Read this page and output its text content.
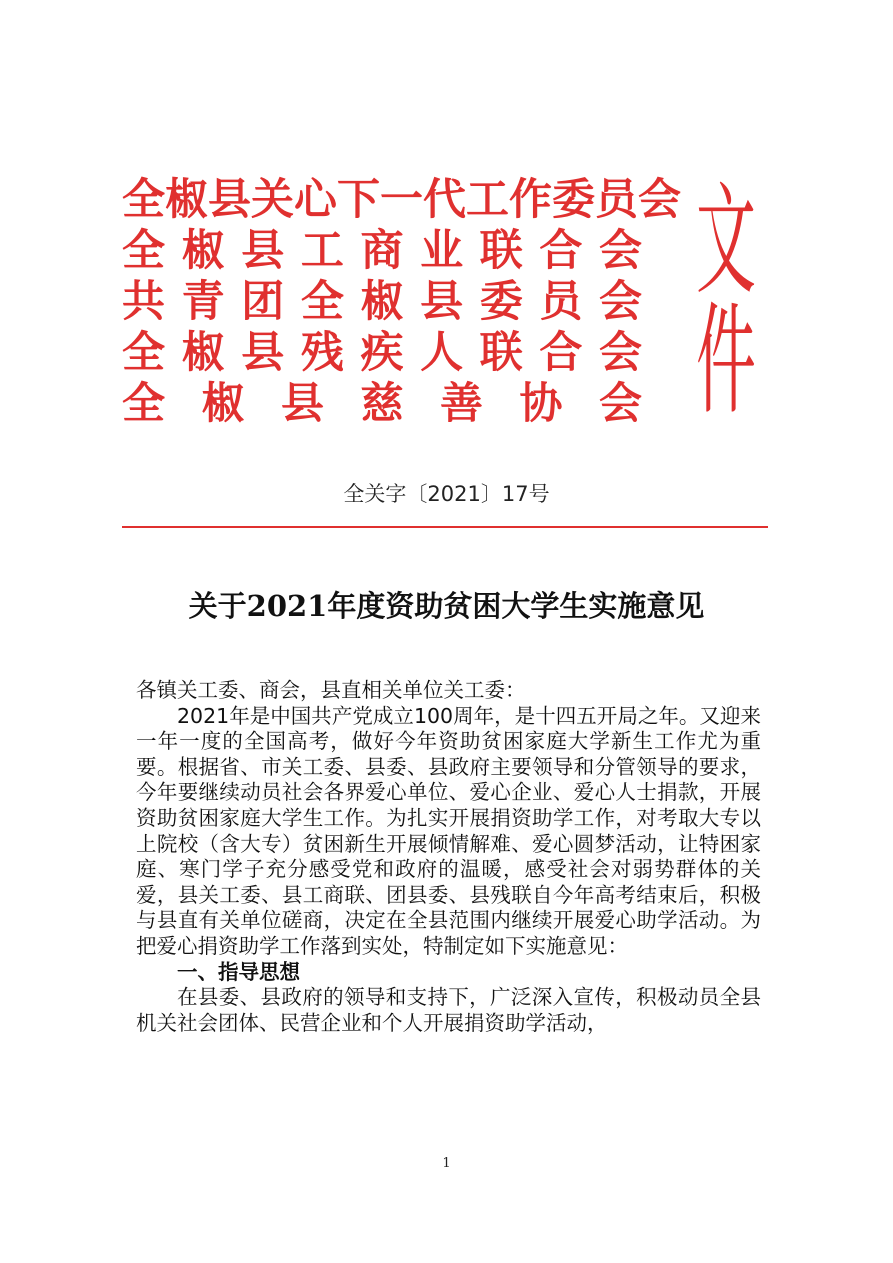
全 椒 县 关 心 下 一 代 工 作 委 员 会
全 椒 县 工 商 业 联 合 会
共 青 团 全 椒 县 委 员 会
全 椒 县 残 疾 人 联 合 会
全 椒 县 慈 善 协 会
文件
全关字〔2021〕17号
关于2021年度资助贫困大学生实施意见

各镇关工委、商会，县直相关单位关工委：

2021年是中国共产党成立100周年，是十四五开局之年。又迎来一年一度的全国高考，做好今年资助贫困家庭大学新生工作尤为重要。根据省、市关工委、县委、县政府主要领导和分管领导的要求，今年要继续动员社会各界爱心单位、爱心企业、爱心人士捐款，开展资助贫困家庭大学生工作。为扎实开展捐资助学工作，对考取大专以上院校（含大专）贫困新生开展倾情解难、爱心圆梦活动，让特困家庭、寒门学子充分感受党和政府的温暖，感受社会对弱势群体的关爱，县关工委、县工商联、团县委、县残联自今年高考结束后，积极与县直有关单位磋商，决定在全县范围内继续开展爱心助学活动。为把爱心捐资助学工作落到实处，特制定如下实施意见：

一、指导思想

在县委、县政府的领导和支持下，广泛深入宣传，积极动员全县机关社会团体、民营企业和个人开展捐资助学活动，

1
